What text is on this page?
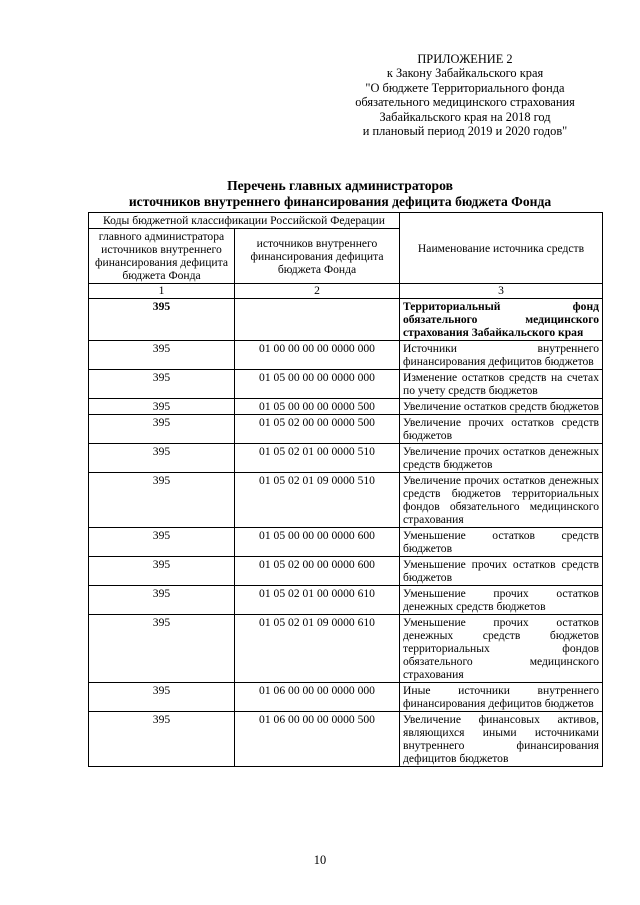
ПРИЛОЖЕНИЕ 2
к Закону Забайкальского края
"О бюджете Территориального фонда
обязательного медицинского страхования
Забайкальского края на 2018 год
и плановый период 2019 и 2020 годов"
Перечень главных администраторов
источников внутреннего финансирования дефицита бюджета Фонда
Коды бюджетной классификации Российской Федерации		Наименование источника средств
главного администратора источников внутреннего финансирования дефицита бюджета Фонда	источников внутреннего финансирования дефицита бюджета Фонда	
1	2	3
395		Территориальный фонд обязательного медицинского страхования Забайкальского края
395	01 00 00 00 00 0000 000	Источники внутреннего финансирования дефицитов бюджетов
395	01 05 00 00 00 0000 000	Изменение остатков средств на счетах по учету средств бюджетов
395	01 05 00 00 00 0000 500	Увеличение остатков средств бюджетов
395	01 05 02 00 00 0000 500	Увеличение прочих остатков средств бюджетов
395	01 05 02 01 00 0000 510	Увеличение прочих остатков денежных средств бюджетов
395	01 05 02 01 09 0000 510	Увеличение прочих остатков денежных средств бюджетов территориальных фондов обязательного медицинского страхования
395	01 05 00 00 00 0000 600	Уменьшение остатков средств бюджетов
395	01 05 02 00 00 0000 600	Уменьшение прочих остатков средств бюджетов
395	01 05 02 01 00 0000 610	Уменьшение прочих остатков денежных средств бюджетов
395	01 05 02 01 09 0000 610	Уменьшение прочих остатков денежных средств бюджетов территориальных фондов обязательного медицинского страхования
395	01 06 00 00 00 0000 000	Иные источники внутреннего финансирования дефицитов бюджетов
395	01 06 00 00 00 0000 500	Увеличение финансовых активов, являющихся иными источниками внутреннего финансирования дефицитов бюджетов
10
